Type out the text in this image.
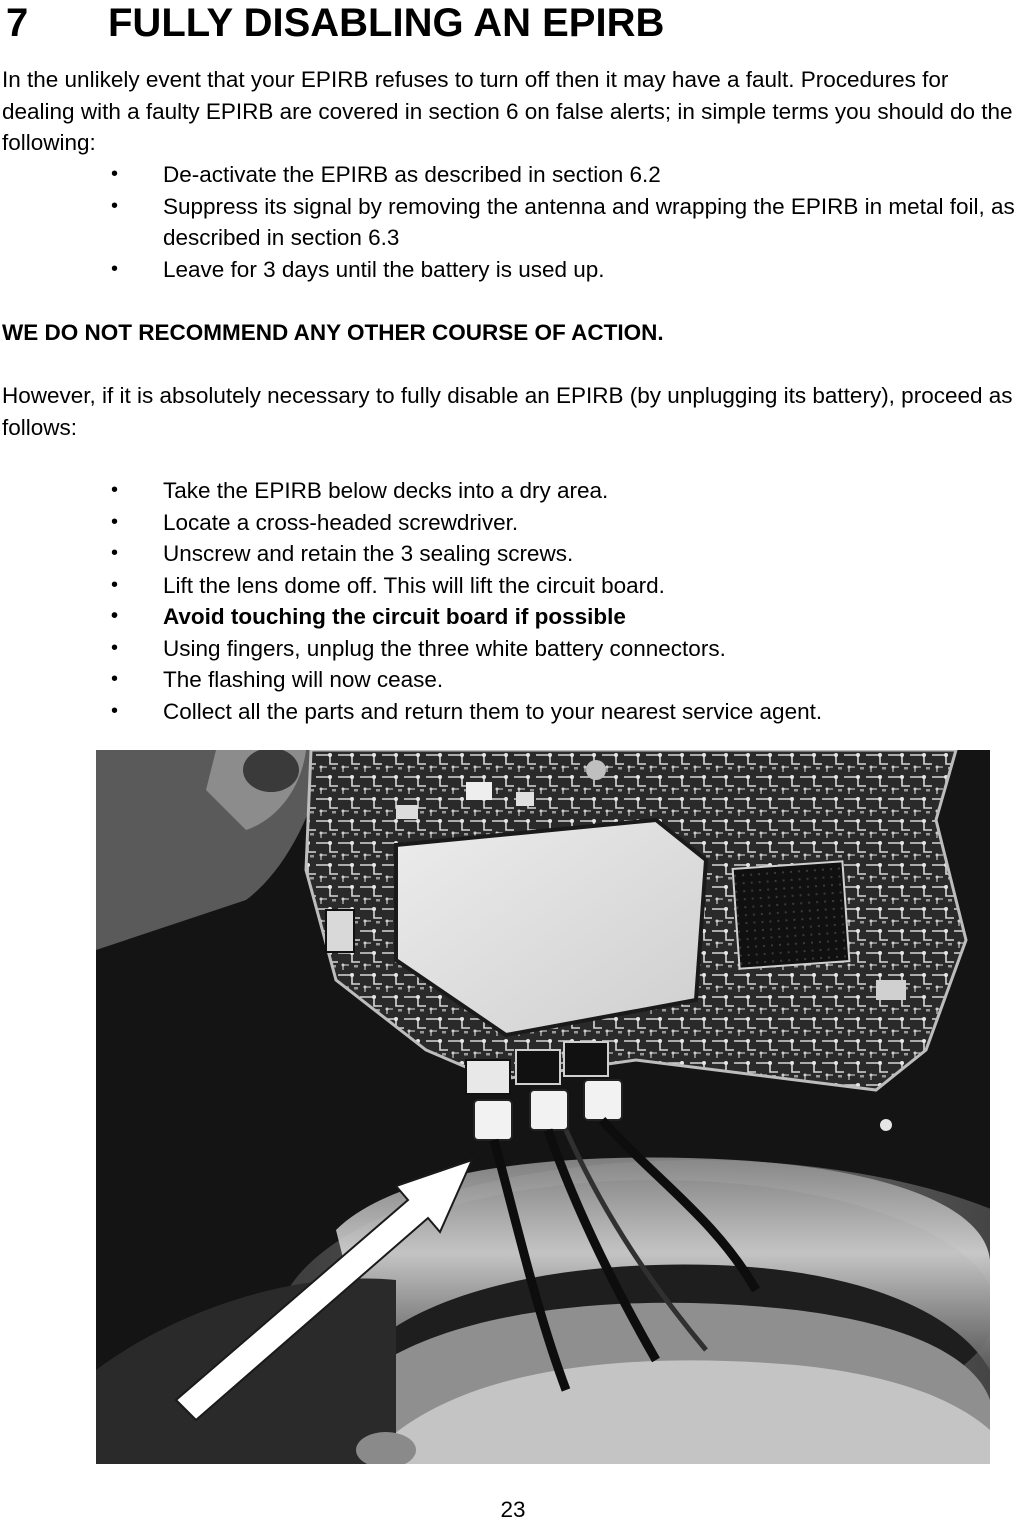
7 FULLY DISABLING AN EPIRB

In the unlikely event that your EPIRB refuses to turn off then it may have a fault. Procedures for dealing with a faulty EPIRB are covered in section 6 on false alerts; in simple terms you should do the following:

• De-activate the EPIRB as described in section 6.2
• Suppress its signal by removing the antenna and wrapping the EPIRB in metal foil, as described in section 6.3
• Leave for 3 days until the battery is used up.

WE DO NOT RECOMMEND ANY OTHER COURSE OF ACTION.

However, if it is absolutely necessary to fully disable an EPIRB (by unplugging its battery), proceed as follows:

• Take the EPIRB below decks into a dry area.
• Locate a cross-headed screwdriver.
• Unscrew and retain the 3 sealing screws.
• Lift the lens dome off. This will lift the circuit board.
• Avoid touching the circuit board if possible
• Using fingers, unplug the three white battery connectors.
• The flashing will now cease.
• Collect all the parts and return them to your nearest service agent.

23
